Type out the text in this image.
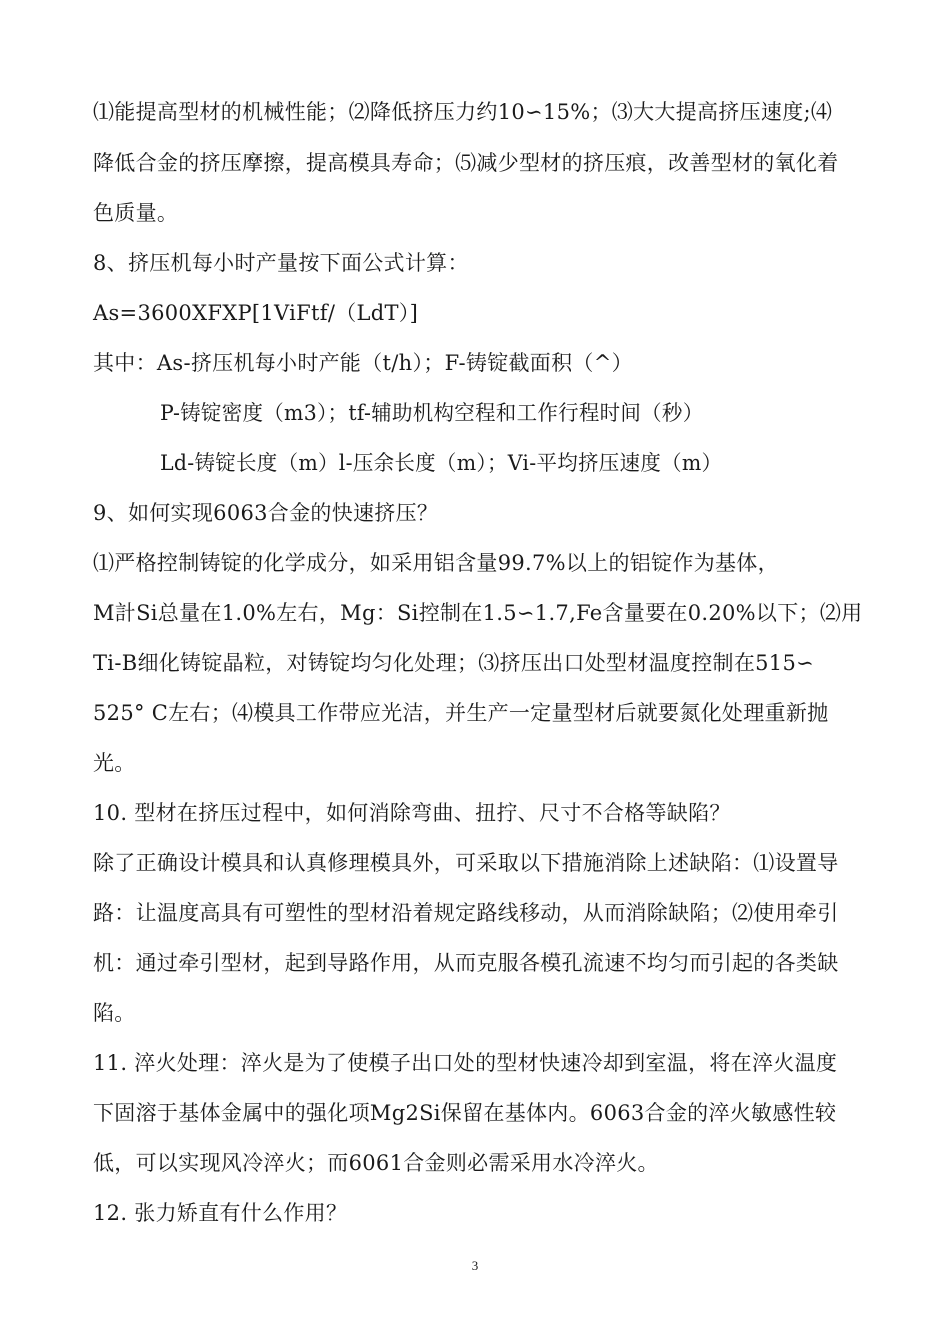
⑴能提高型材的机械性能；⑵降低挤压力约10∽15%；⑶大大提高挤压速度;⑷
降低合金的挤压摩擦，提高模具寿命；⑸减少型材的挤压痕，改善型材的氧化着
色质量。
8、挤压机每小时产量按下面公式计算：
As=3600XFXP[1ViFtf/（LdT）]
其中：As-挤压机每小时产能（t/h）；F-铸锭截面积（^）
P-铸锭密度（m3）；tf-辅助机构空程和工作行程时间（秒）
Ld-铸锭长度（m）l-压余长度（m）；Vi-平均挤压速度（m）
9、如何实现6063合金的快速挤压？
⑴严格控制铸锭的化学成分，如采用铝含量99.7%以上的铝锭作为基体，
M計Si总量在1.0%左右，Mg：Si控制在1.5∽1.7,Fe含量要在0.20%以下；⑵用
Ti-B细化铸锭晶粒，对铸锭均匀化处理；⑶挤压出口处型材温度控制在515∽
525° C左右；⑷模具工作带应光洁，并生产一定量型材后就要氮化处理重新抛
光。
10. 型材在挤压过程中，如何消除弯曲、扭拧、尺寸不合格等缺陷？
除了正确设计模具和认真修理模具外，可采取以下措施消除上述缺陷：⑴设置导
路：让温度高具有可塑性的型材沿着规定路线移动，从而消除缺陷；⑵使用牵引
机：通过牵引型材，起到导路作用，从而克服各模孔流速不均匀而引起的各类缺
陷。
11. 淬火处理：淬火是为了使模子出口处的型材快速冷却到室温，将在淬火温度
下固溶于基体金属中的强化项Mg2Si保留在基体内。6063合金的淬火敏感性较
低，可以实现风冷淬火；而6061合金则必需采用水冷淬火。
12. 张力矫直有什么作用？
3
